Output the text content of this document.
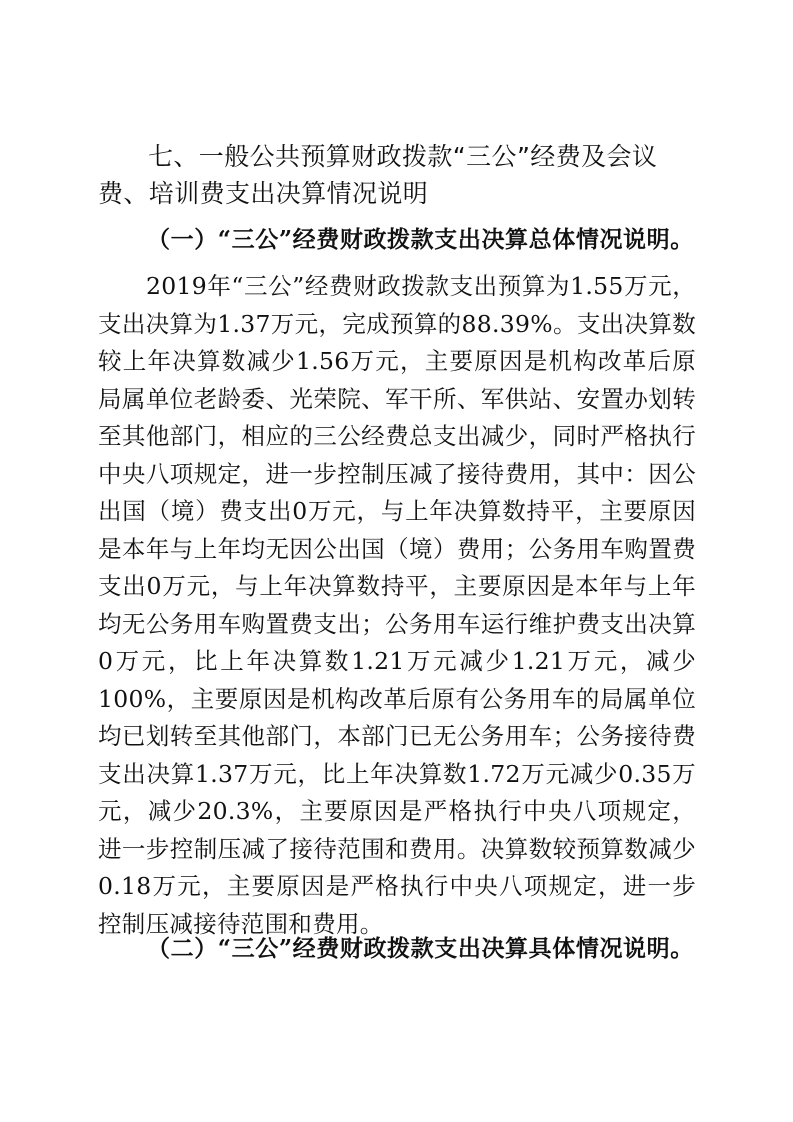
七、一般公共预算财政拨款“三公”经费及会议费、培训费支出决算情况说明
（一）“三公”经费财政拨款支出决算总体情况说明。
2019年“三公”经费财政拨款支出预算为1.55万元，支出决算为1.37万元，完成预算的88.39%。支出决算数较上年决算数减少1.56万元，主要原因是机构改革后原局属单位老龄委、光荣院、军干所、军供站、安置办划转至其他部门，相应的三公经费总支出减少，同时严格执行中央八项规定，进一步控制压减了接待费用，其中：因公出国（境）费支出0万元，与上年决算数持平，主要原因是本年与上年均无因公出国（境）费用；公务用车购置费支出0万元，与上年决算数持平，主要原因是本年与上年均无公务用车购置费支出；公务用车运行维护费支出决算0万元，比上年决算数1.21万元减少1.21万元，减少100%，主要原因是机构改革后原有公务用车的局属单位均已划转至其他部门，本部门已无公务用车；公务接待费支出决算1.37万元，比上年决算数1.72万元减少0.35万元，减少20.3%，主要原因是严格执行中央八项规定，进一步控制压减了接待范围和费用。决算数较预算数减少0.18万元，主要原因是严格执行中央八项规定，进一步控制压减接待范围和费用。
（二）“三公”经费财政拨款支出决算具体情况说明。
